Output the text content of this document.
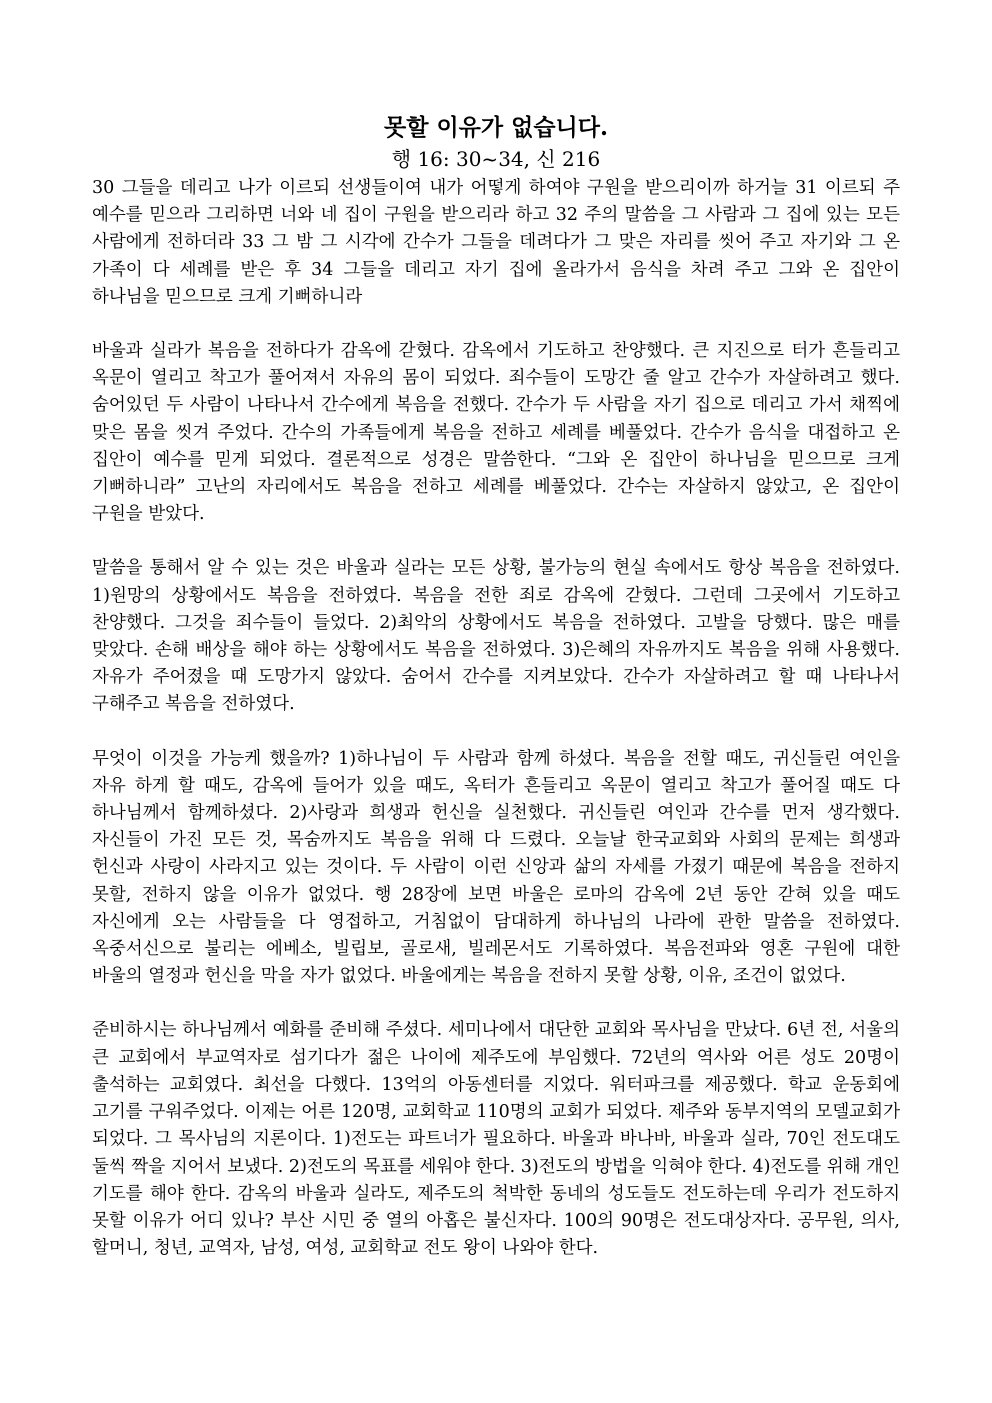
못할 이유가 없습니다.
행 16: 30~34, 신 216

30 그들을 데리고 나가 이르되 선생들이여 내가 어떻게 하여야 구원을 받으리이까 하거늘 31 이르되 주 예수를 믿으라 그리하면 너와 네 집이 구원을 받으리라 하고 32 주의 말씀을 그 사람과 그 집에 있는 모든 사람에게 전하더라 33 그 밤 그 시각에 간수가 그들을 데려다가 그 맞은 자리를 씻어 주고 자기와 그 온 가족이 다 세례를 받은 후 34 그들을 데리고 자기 집에 올라가서 음식을 차려 주고 그와 온 집안이 하나님을 믿으므로 크게 기뻐하니라

바울과 실라가 복음을 전하다가 감옥에 갇혔다. 감옥에서 기도하고 찬양했다. 큰 지진으로 터가 흔들리고 옥문이 열리고 착고가 풀어져서 자유의 몸이 되었다. 죄수들이 도망간 줄 알고 간수가 자살하려고 했다. 숨어있던 두 사람이 나타나서 간수에게 복음을 전했다. 간수가 두 사람을 자기 집으로 데리고 가서 채찍에 맞은 몸을 씻겨 주었다. 간수의 가족들에게 복음을 전하고 세례를 베풀었다. 간수가 음식을 대접하고 온 집안이 예수를 믿게 되었다. 결론적으로 성경은 말씀한다. “그와 온 집안이 하나님을 믿으므로 크게 기뻐하니라” 고난의 자리에서도 복음을 전하고 세례를 베풀었다. 간수는 자살하지 않았고, 온 집안이 구원을 받았다.

말씀을 통해서 알 수 있는 것은 바울과 실라는 모든 상황, 불가능의 현실 속에서도 항상 복음을 전하였다. 1)원망의 상황에서도 복음을 전하였다. 복음을 전한 죄로 감옥에 갇혔다. 그런데 그곳에서 기도하고 찬양했다. 그것을 죄수들이 들었다. 2)최악의 상황에서도 복음을 전하였다. 고발을 당했다. 많은 매를 맞았다. 손해 배상을 해야 하는 상황에서도 복음을 전하였다. 3)은혜의 자유까지도 복음을 위해 사용했다. 자유가 주어졌을 때 도망가지 않았다. 숨어서 간수를 지켜보았다. 간수가 자살하려고 할 때 나타나서 구해주고 복음을 전하였다.

무엇이 이것을 가능케 했을까? 1)하나님이 두 사람과 함께 하셨다. 복음을 전할 때도, 귀신들린 여인을 자유 하게 할 때도, 감옥에 들어가 있을 때도, 옥터가 흔들리고 옥문이 열리고 착고가 풀어질 때도 다 하나님께서 함께하셨다. 2)사랑과 희생과 헌신을 실천했다. 귀신들린 여인과 간수를 먼저 생각했다. 자신들이 가진 모든 것, 목숨까지도 복음을 위해 다 드렸다. 오늘날 한국교회와 사회의 문제는 희생과 헌신과 사랑이 사라지고 있는 것이다. 두 사람이 이런 신앙과 삶의 자세를 가졌기 때문에 복음을 전하지 못할, 전하지 않을 이유가 없었다. 행 28장에 보면 바울은 로마의 감옥에 2년 동안 갇혀 있을 때도 자신에게 오는 사람들을 다 영접하고, 거침없이 담대하게 하나님의 나라에 관한 말씀을 전하였다. 옥중서신으로 불리는 에베소, 빌립보, 골로새, 빌레몬서도 기록하였다. 복음전파와 영혼 구원에 대한 바울의 열정과 헌신을 막을 자가 없었다. 바울에게는 복음을 전하지 못할 상황, 이유, 조건이 없었다.

준비하시는 하나님께서 예화를 준비해 주셨다. 세미나에서 대단한 교회와 목사님을 만났다. 6년 전, 서울의 큰 교회에서 부교역자로 섬기다가 젊은 나이에 제주도에 부임했다. 72년의 역사와 어른 성도 20명이 출석하는 교회였다. 최선을 다했다. 13억의 아동센터를 지었다. 워터파크를 제공했다. 학교 운동회에 고기를 구워주었다. 이제는 어른 120명, 교회학교 110명의 교회가 되었다. 제주와 동부지역의 모델교회가 되었다. 그 목사님의 지론이다. 1)전도는 파트너가 필요하다. 바울과 바나바, 바울과 실라, 70인 전도대도 둘씩 짝을 지어서 보냈다. 2)전도의 목표를 세워야 한다. 3)전도의 방법을 익혀야 한다. 4)전도를 위해 개인 기도를 해야 한다. 감옥의 바울과 실라도, 제주도의 척박한 동네의 성도들도 전도하는데 우리가 전도하지 못할 이유가 어디 있나? 부산 시민 중 열의 아홉은 불신자다. 100의 90명은 전도대상자다. 공무원, 의사, 할머니, 청년, 교역자, 남성, 여성, 교회학교 전도 왕이 나와야 한다.
